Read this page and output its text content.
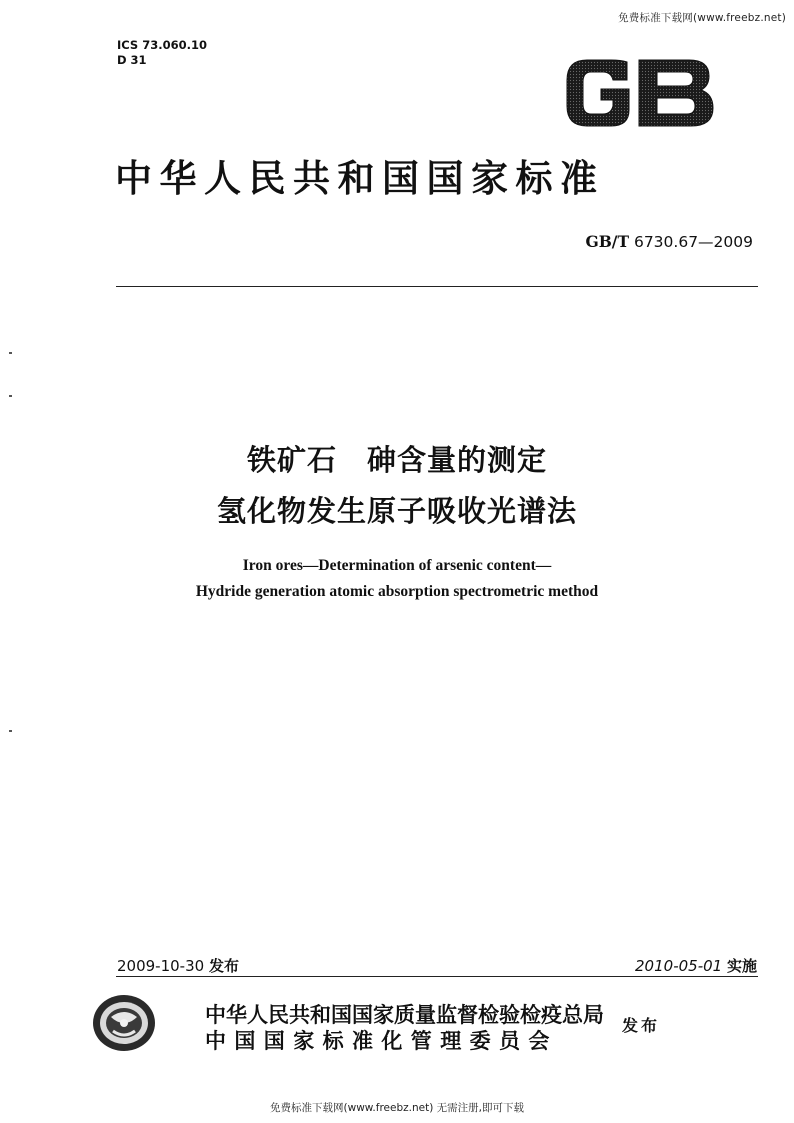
免费标准下载网(www.freebz.net)
ICS 73.060.10
D 31
中华人民共和国国家标准
GB/T 6730.67—2009
铁矿石　砷含量的测定
氢化物发生原子吸收光谱法
Iron ores—Determination of arsenic content—
Hydride generation atomic absorption spectrometric method
2009-10-30 发布	2010-05-01 实施
中华人民共和国国家质量监督检验检疫总局
中国国家标准化管理委员会
发布
免费标准下载网(www.freebz.net) 无需注册,即可下载
